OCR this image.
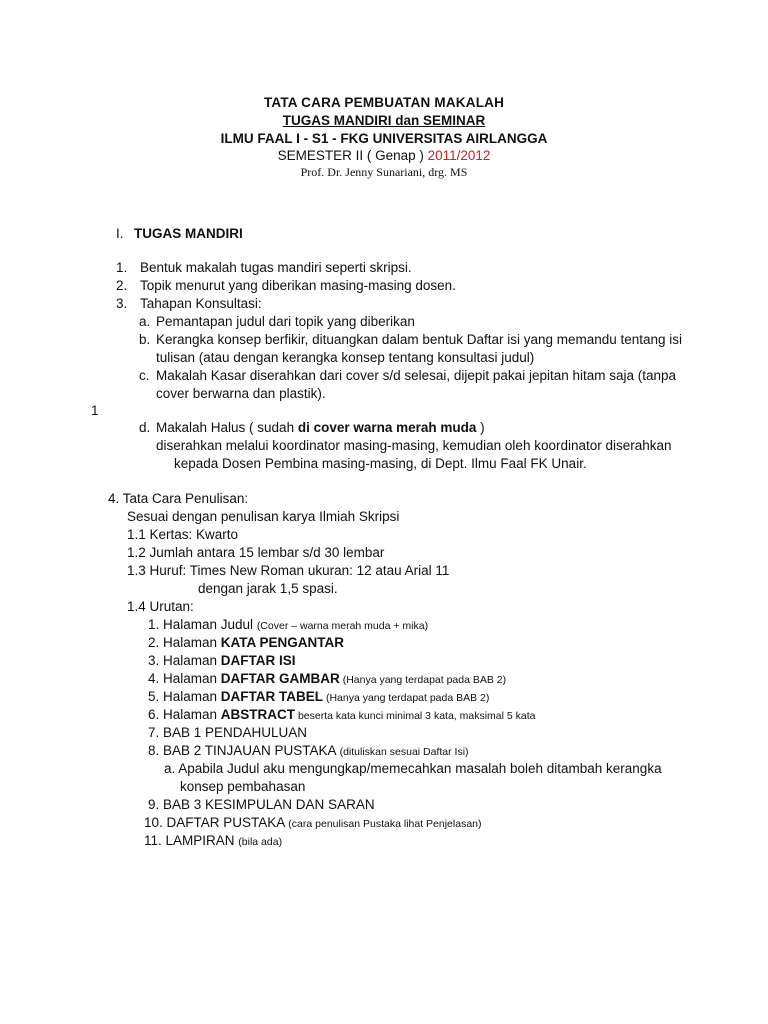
TATA CARA PEMBUATAN MAKALAH
TUGAS MANDIRI dan SEMINAR
ILMU FAAL I - S1 - FKG UNIVERSITAS AIRLANGGA
SEMESTER II ( Genap ) 2011/2012
Prof. Dr. Jenny Sunariani, drg. MS
I. TUGAS MANDIRI
1. Bentuk makalah tugas mandiri seperti skripsi.
2. Topik menurut yang diberikan masing-masing dosen.
3. Tahapan Konsultasi:
a. Pemantapan judul dari topik yang diberikan
b. Kerangka konsep berfikir, dituangkan dalam bentuk Daftar isi yang memandu tentang isi
tulisan (atau dengan kerangka konsep tentang konsultasi judul)
c. Makalah Kasar diserahkan dari cover s/d selesai, dijepit pakai jepitan hitam saja (tanpa
cover berwarna dan plastik).
1
d. Makalah Halus ( sudah di cover warna merah muda )
diserahkan melalui koordinator masing-masing, kemudian oleh koordinator diserahkan
kepada Dosen Pembina masing-masing, di Dept. Ilmu Faal FK Unair.
4. Tata Cara Penulisan:
Sesuai dengan penulisan karya Ilmiah Skripsi
1.1 Kertas: Kwarto
1.2 Jumlah antara 15 lembar s/d 30 lembar
1.3 Huruf: Times New Roman ukuran: 12 atau Arial 11
dengan jarak 1,5 spasi.
1.4 Urutan:
1. Halaman Judul (Cover – warna merah muda + mika)
2. Halaman KATA PENGANTAR
3. Halaman DAFTAR ISI
4. Halaman DAFTAR GAMBAR (Hanya yang terdapat pada BAB 2)
5. Halaman DAFTAR TABEL (Hanya yang terdapat pada BAB 2)
6. Halaman ABSTRACT beserta kata kunci minimal 3 kata, maksimal 5 kata
7. BAB 1 PENDAHULUAN
8. BAB 2 TINJAUAN PUSTAKA (dituliskan sesuai Daftar Isi)
a. Apabila Judul aku mengungkap/memecahkan masalah boleh ditambah kerangka
konsep pembahasan
9. BAB 3 KESIMPULAN DAN SARAN
10. DAFTAR PUSTAKA (cara penulisan Pustaka lihat Penjelasan)
11. LAMPIRAN (bila ada)
